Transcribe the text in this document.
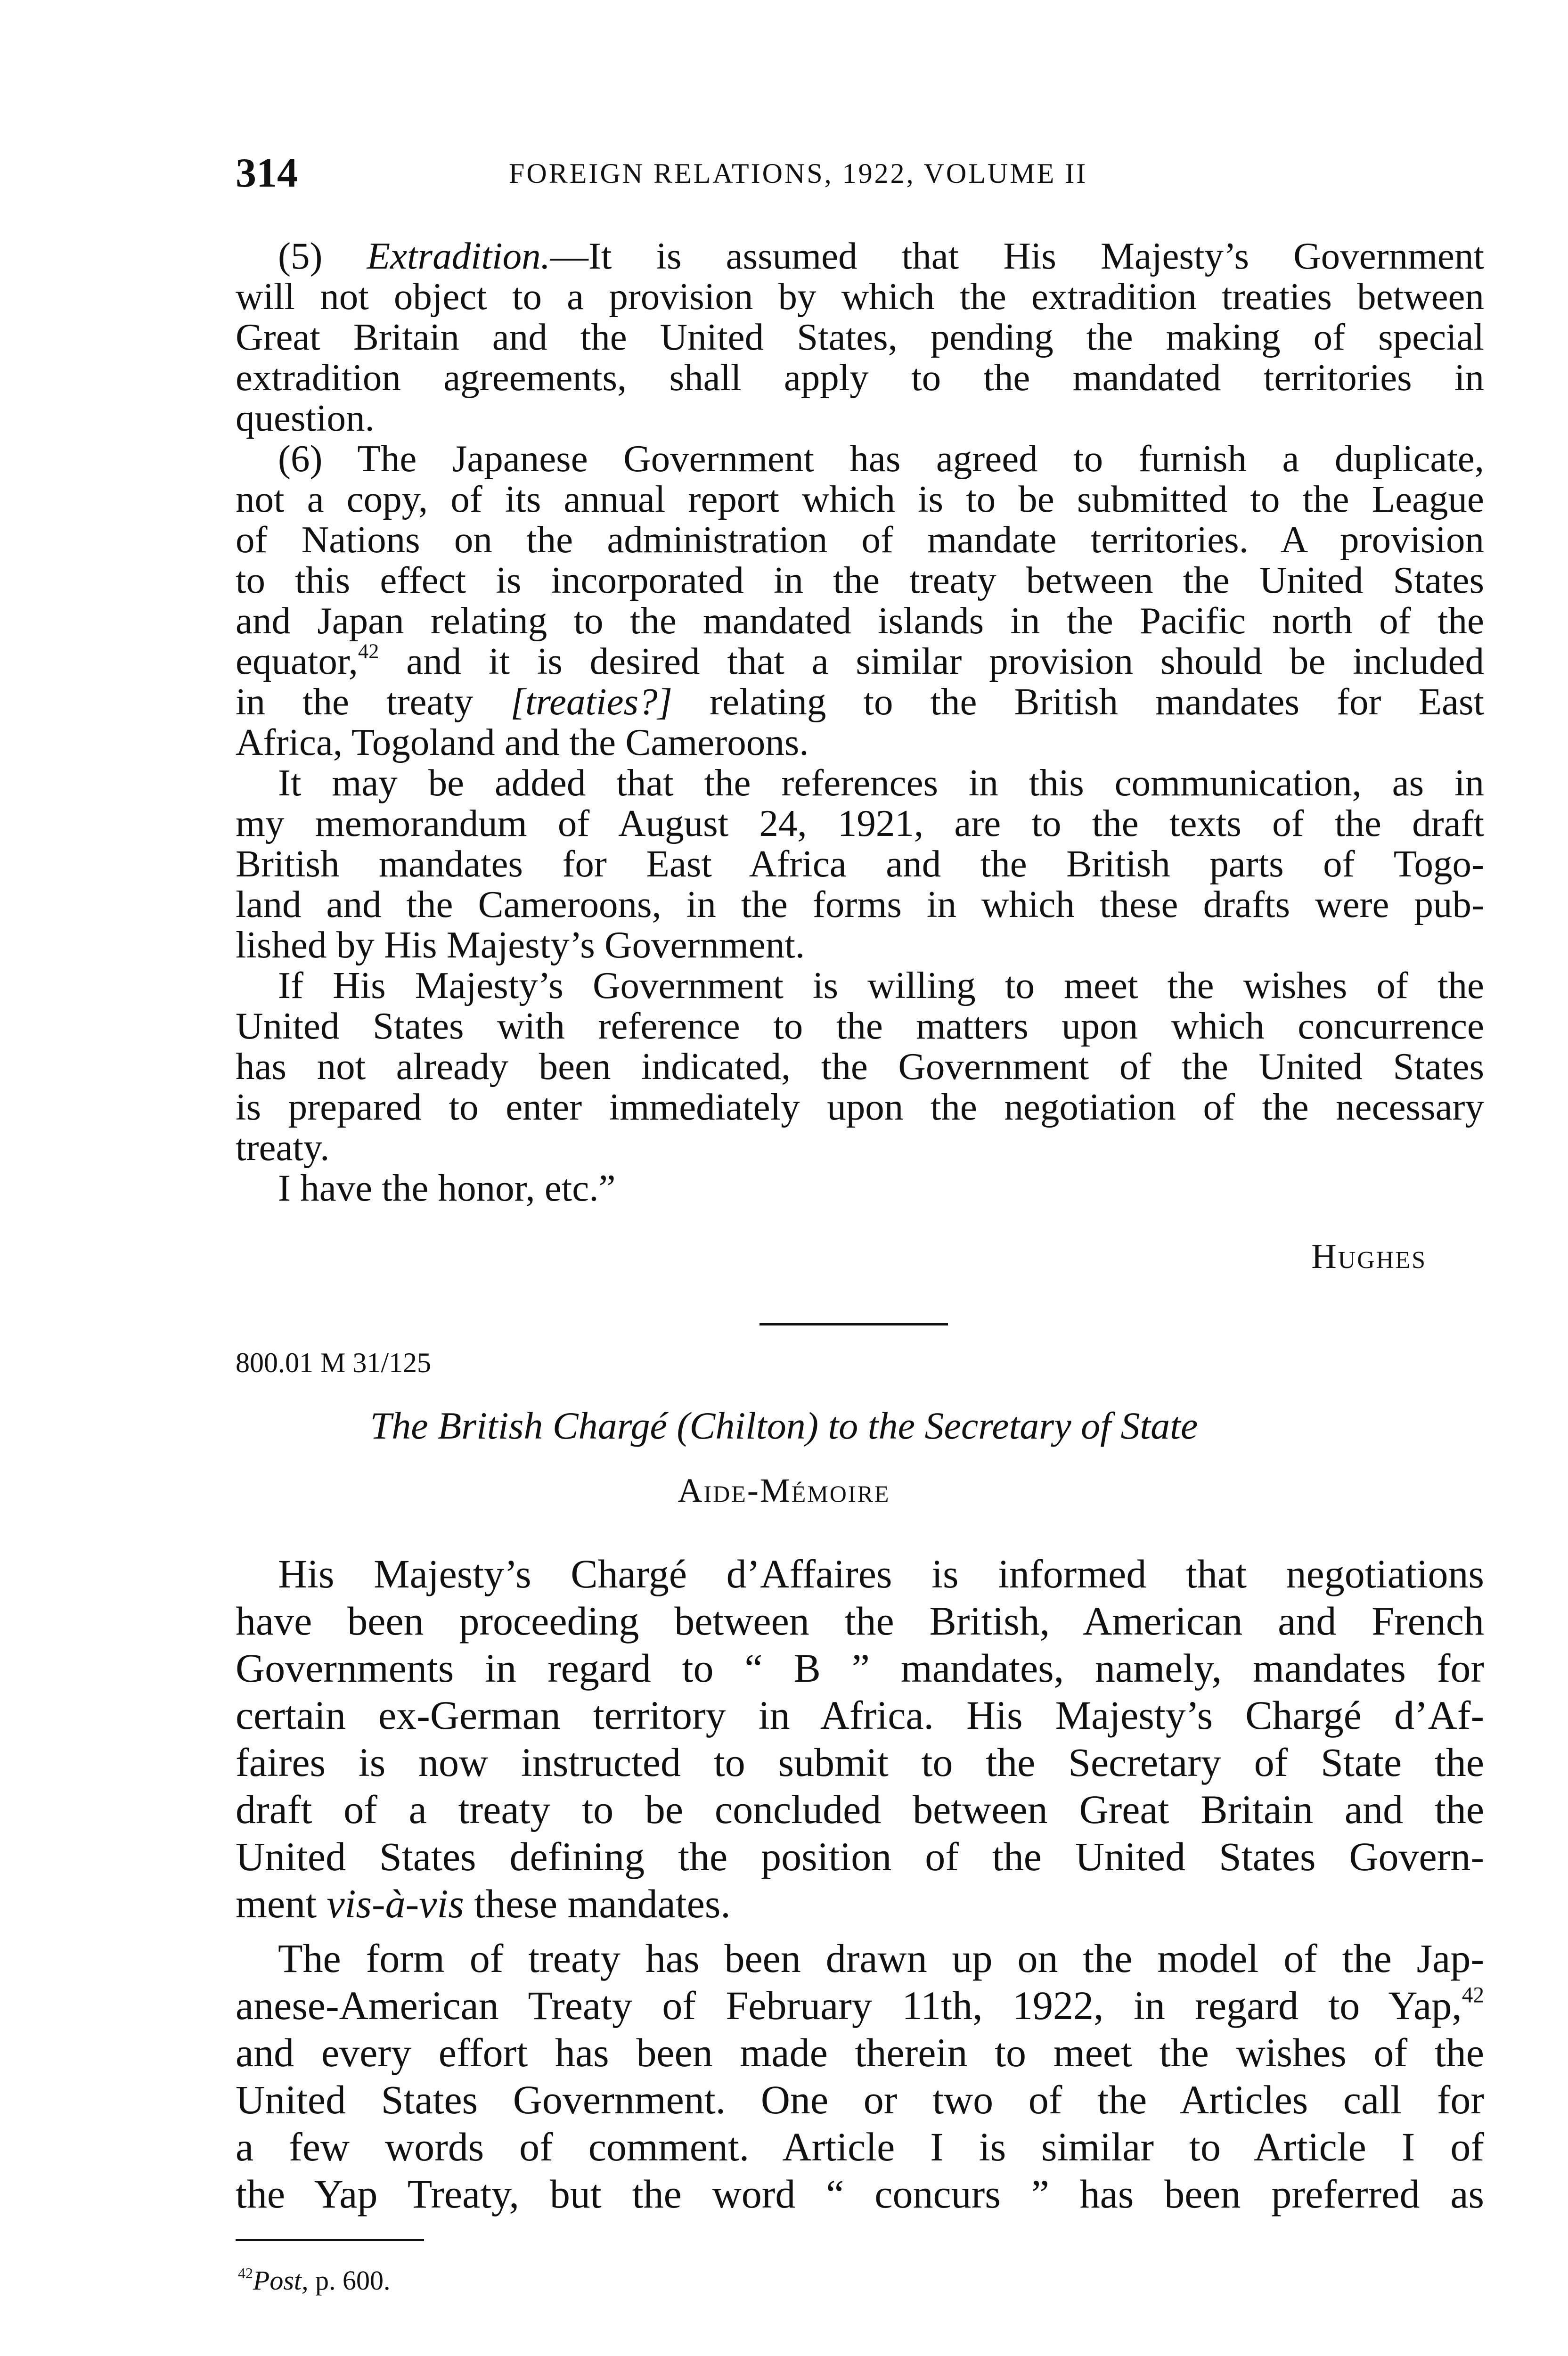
314	FOREIGN RELATIONS, 1922, VOLUME II
(5) Extradition.—It is assumed that His Majesty’s Government
will not object to a provision by which the extradition treaties between
Great Britain and the United States, pending the making of special
extradition agreements, shall apply to the mandated territories in
question.
(6) The Japanese Government has agreed to furnish a duplicate,
not a copy, of its annual report which is to be submitted to the League
of Nations on the administration of mandate territories. A provision
to this effect is incorporated in the treaty between the United States
and Japan relating to the mandated islands in the Pacific north of the
equator,$^{42}$ and it is desired that a similar provision should be included
in the treaty [treaties?] relating to the British mandates for East
Africa, Togoland and the Cameroons.
It may be added that the references in this communication, as in
my memorandum of August 24, 1921, are to the texts of the draft
British mandates for East Africa and the British parts of Togo-
land and the Cameroons, in the forms in which these drafts were pub-
lished by His Majesty’s Government.
If His Majesty’s Government is willing to meet the wishes of the
United States with reference to the matters upon which concurrence
has not already been indicated, the Government of the United States
is prepared to enter immediately upon the negotiation of the necessary
treaty.
I have the honor, etc.”
Hughes
800.01 M 31/125
The British Chargé (Chilton) to the Secretary of State
Aide-Mémoire
His Majesty’s Chargé d’Affaires is informed that negotiations
have been proceeding between the British, American and French
Governments in regard to “ B ” mandates, namely, mandates for
certain ex-German territory in Africa. His Majesty’s Chargé d’Af-
faires is now instructed to submit to the Secretary of State the
draft of a treaty to be concluded between Great Britain and the
United States defining the position of the United States Govern-
ment vis-à-vis these mandates.
The form of treaty has been drawn up on the model of the Jap-
anese-American Treaty of February 11th, 1922, in regard to Yap,$^{42}$
and every effort has been made therein to meet the wishes of the
United States Government. One or two of the Articles call for
a few words of comment. Article I is similar to Article I of
the Yap Treaty, but the word “ concurs ” has been preferred as
$^{42}$Post, p. 600.
